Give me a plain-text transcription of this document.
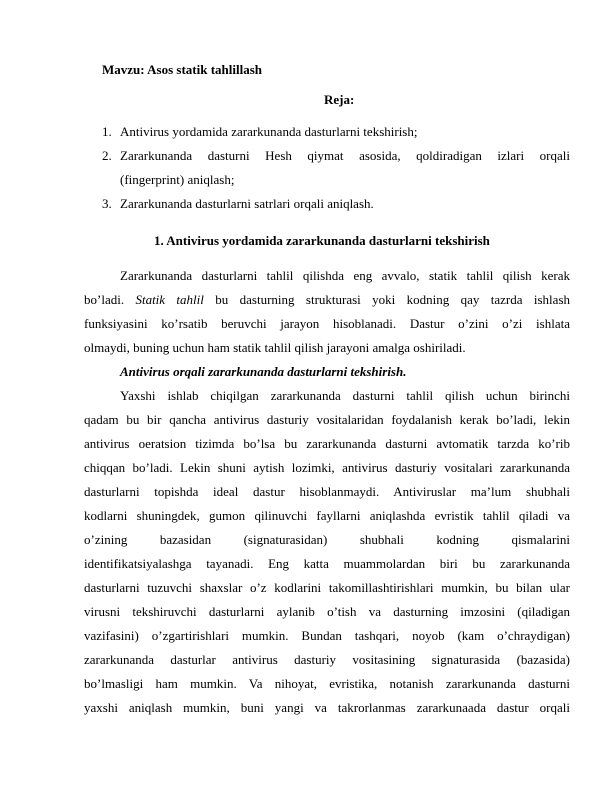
Mavzu: Asos statik tahlillash
Reja:
1. Antivirus yordamida zararkunanda dasturlarni tekshirish;
2. Zararkunanda dasturni Hesh qiymat asosida, qoldiradigan izlari orqali
(fingerprint) aniqlash;
3. Zararkunanda dasturlarni satrlari orqali aniqlash.
1. Antivirus yordamida zararkunanda dasturlarni tekshirish
Zararkunanda dasturlarni tahlil qilishda eng avvalo, statik tahlil qilish kerak
bo’ladi. Statik tahlil bu dasturning strukturasi yoki kodning qay tazrda ishlash
funksiyasini ko’rsatib beruvchi jarayon hisoblanadi. Dastur o’zini o’zi ishlata
olmaydi, buning uchun ham statik tahlil qilish jarayoni amalga oshiriladi.
Antivirus orqali zararkunanda dasturlarni tekshirish.
Yaxshi ishlab chiqilgan zararkunanda dasturni tahlil qilish uchun birinchi
qadam bu bir qancha antivirus dasturiy vositalaridan foydalanish kerak bo’ladi, lekin
antivirus oeratsion tizimda bo’lsa bu zararkunanda dasturni avtomatik tarzda ko’rib
chiqqan bo’ladi. Lekin shuni aytish lozimki, antivirus dasturiy vositalari zararkunanda
dasturlarni topishda ideal dastur hisoblanmaydi. Antiviruslar ma’lum shubhali
kodlarni shuningdek, gumon qilinuvchi fayllarni aniqlashda evristik tahlil qiladi va
o’zining bazasidan (signaturasidan) shubhali kodning qismalarini
identifikatsiyalashga tayanadi. Eng katta muammolardan biri bu zararkunanda
dasturlarni tuzuvchi shaxslar o’z kodlarini takomillashtirishlari mumkin, bu bilan ular
virusni tekshiruvchi dasturlarni aylanib o’tish va dasturning imzosini (qiladigan
vazifasini) o’zgartirishlari mumkin. Bundan tashqari, noyob (kam o’chraydigan)
zararkunanda dasturlar antivirus dasturiy vositasining signaturasida (bazasida)
bo’lmasligi ham mumkin. Va nihoyat, evristika, notanish zararkunanda dasturni
yaxshi aniqlash mumkin, buni yangi va takrorlanmas zararkunaada dastur orqali
